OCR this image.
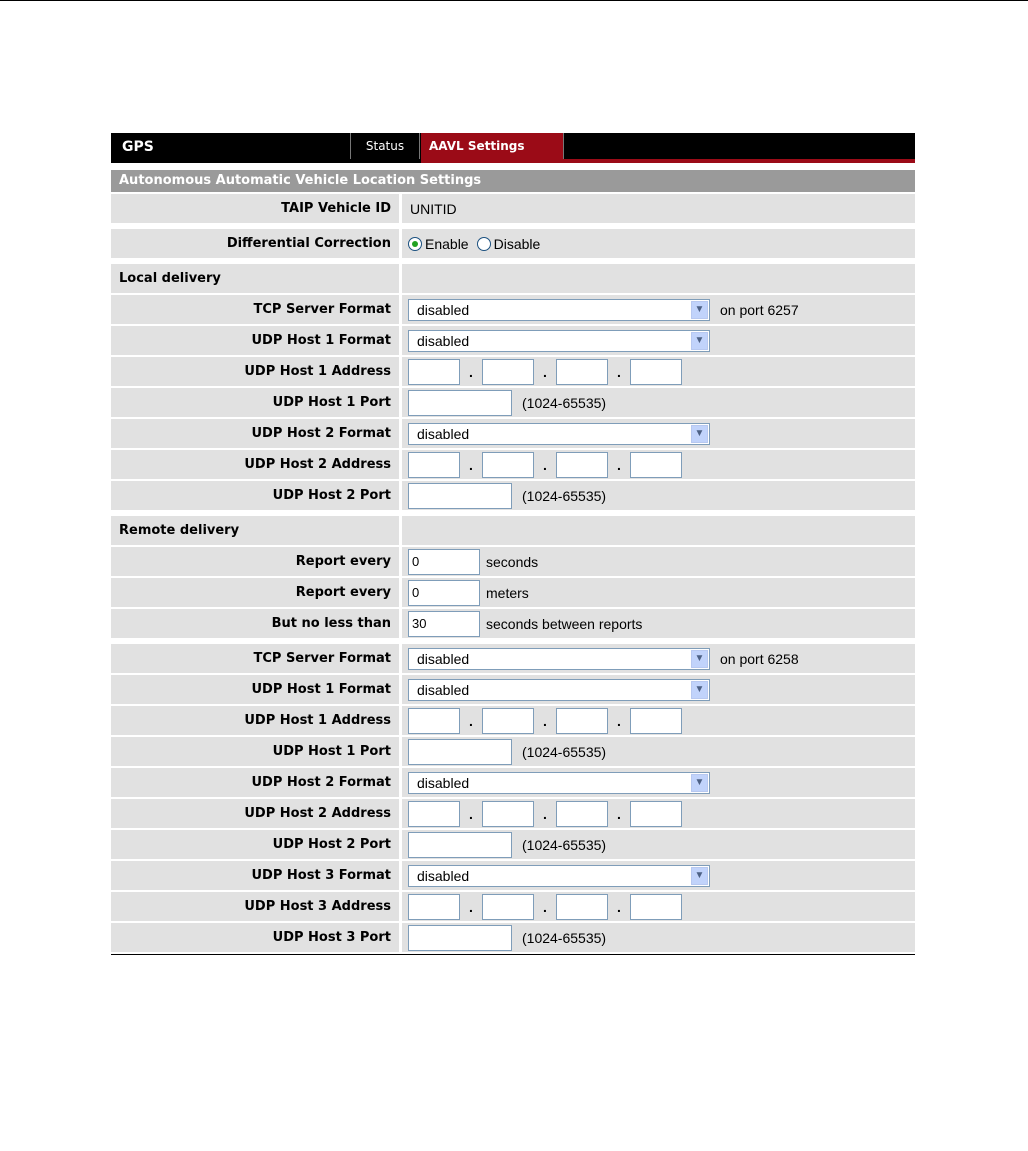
GPS	Status	AAVL Settings
Autonomous Automatic Vehicle Location Settings
TAIP Vehicle ID	UNITID
Differential Correction	Enable Disable
Local delivery
TCP Server Format	disabled	▼ on port 6257
UDP Host 1 Format	disabled	▼
UDP Host 1 Address	.	.	.
UDP Host 1 Port	(1024-65535)
UDP Host 2 Format	disabled	▼
UDP Host 2 Address	.	.	.
UDP Host 2 Port	(1024-65535)
Remote delivery
Report every	0	seconds
Report every	0	meters
But no less than	30	seconds between reports
TCP Server Format	disabled	▼ on port 6258
UDP Host 1 Format	disabled	▼
UDP Host 1 Address	.	.	.
UDP Host 1 Port	(1024-65535)
UDP Host 2 Format	disabled	▼
UDP Host 2 Address	.	.	.
UDP Host 2 Port	(1024-65535)
UDP Host 3 Format	disabled	▼
UDP Host 3 Address	.	.	.
UDP Host 3 Port	(1024-65535)
